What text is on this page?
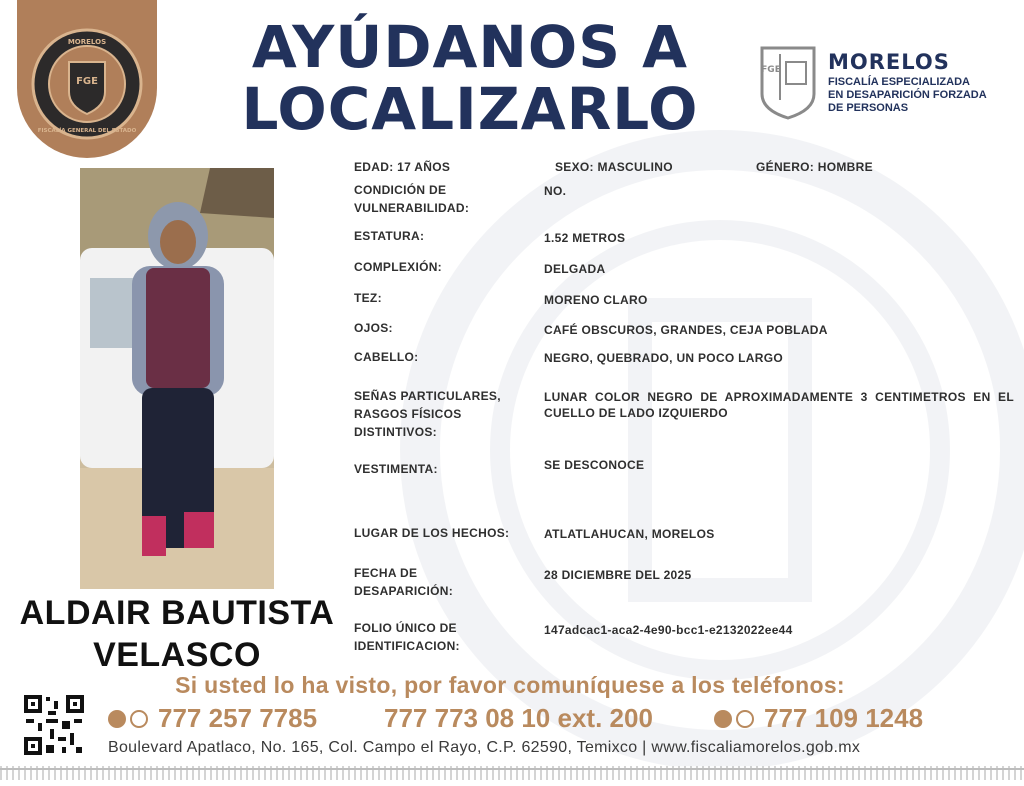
FGE
MORELOS
FISCALÍA GENERAL DEL ESTADO
AYÚDANOS A
LOCALIZARLO
FGE MORELOS
FISCALÍA ESPECIALIZADA
EN DESAPARICIÓN FORZADA
DE PERSONAS
ALDAIR BAUTISTA
VELASCO
EDAD: 17 AÑOS	SEXO: MASCULINO	GÉNERO: HOMBRE
CONDICIÓN DE
VULNERABILIDAD:
NO.
ESTATURA:	1.52 METROS
COMPLEXIÓN:	DELGADA
TEZ:	MORENO CLARO
OJOS:	CAFÉ OBSCUROS, GRANDES, CEJA POBLADA
CABELLO:	NEGRO, QUEBRADO, UN POCO LARGO
SEÑAS PARTICULARES,
RASGOS FÍSICOS
DISTINTIVOS:
LUNAR COLOR NEGRO DE APROXIMADAMENTE 3 CENTIMETROS EN EL CUELLO DE LADO IZQUIERDO
VESTIMENTA:	SE DESCONOCE
LUGAR DE LOS HECHOS:	ATLATLAHUCAN, MORELOS
FECHA DE
DESAPARICIÓN:
28 DICIEMBRE DEL 2025
FOLIO ÚNICO DE
IDENTIFICACION:
147adcac1-aca2-4e90-bcc1-e2132022ee44
Si usted lo ha visto, por favor comuníquese a los teléfonos:
777 257 7785	777 773 08 10 ext. 200	777 109 1248
Boulevard Apatlaco, No. 165, Col. Campo el Rayo, C.P. 62590, Temixco | www.fiscaliamorelos.gob.mx
